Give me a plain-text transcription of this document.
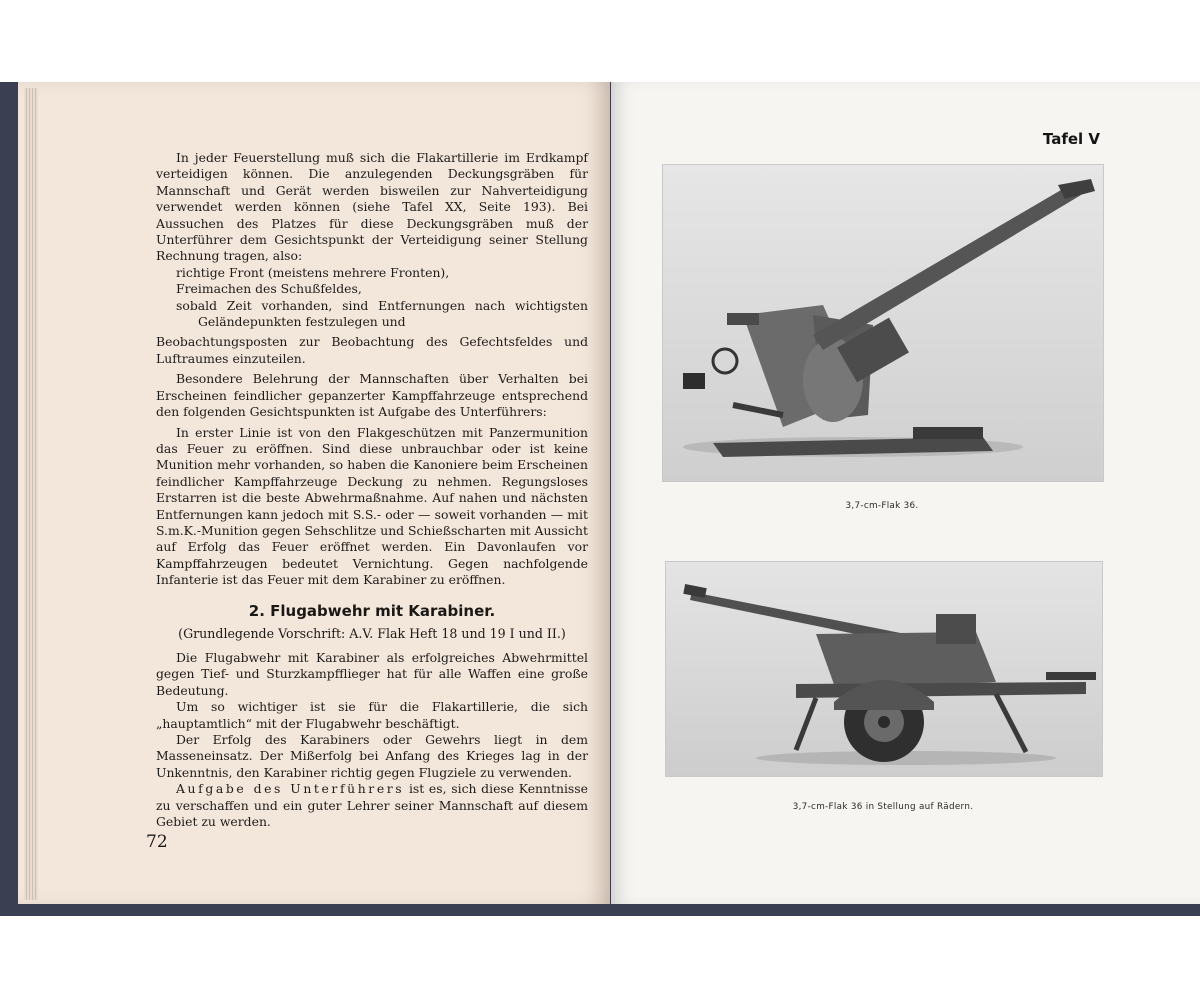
In jeder Feuerstellung muß sich die Flakartillerie im Erdkampf verteidigen können. Die anzulegenden Deckungsgräben für Mannschaft und Gerät werden bisweilen zur Nahverteidigung verwendet werden können (siehe Tafel XX, Seite 193). Bei Aussuchen des Platzes für diese Deckungsgräben muß der Unterführer dem Gesichtspunkt der Verteidigung seiner Stellung Rechnung tragen, also:

richtige Front (meistens mehrere Fronten),

Freimachen des Schußfeldes,

sobald Zeit vorhanden, sind Entfernungen nach wichtigsten Geländepunkten festzulegen und

Beobachtungsposten zur Beobachtung des Gefechtsfeldes und Luftraumes einzuteilen.

Besondere Belehrung der Mannschaften über Verhalten bei Erscheinen feindlicher gepanzerter Kampffahrzeuge entsprechend den folgenden Gesichtspunkten ist Aufgabe des Unterführers:

In erster Linie ist von den Flakgeschützen mit Panzermunition das Feuer zu eröffnen. Sind diese unbrauchbar oder ist keine Munition mehr vorhanden, so haben die Kanoniere beim Erscheinen feindlicher Kampffahrzeuge Deckung zu nehmen. Regungsloses Erstarren ist die beste Abwehrmaßnahme. Auf nahen und nächsten Entfernungen kann jedoch mit S.S.- oder — soweit vorhanden — mit S.m.K.-Munition gegen Sehschlitze und Schießscharten mit Aussicht auf Erfolg das Feuer eröffnet werden. Ein Davonlaufen vor Kampffahrzeugen bedeutet Vernichtung. Gegen nachfolgende Infanterie ist das Feuer mit dem Karabiner zu eröffnen.

2. Flugabwehr mit Karabiner.
(Grundlegende Vorschrift: A.V. Flak Heft 18 und 19 I und II.)

Die Flugabwehr mit Karabiner als erfolgreiches Abwehrmittel gegen Tief- und Sturzkampfflieger hat für alle Waffen eine große Bedeutung.

Um so wichtiger ist sie für die Flakartillerie, die sich „hauptamtlich“ mit der Flugabwehr beschäftigt.

Der Erfolg des Karabiners oder Gewehrs liegt in dem Masseneinsatz. Der Mißerfolg bei Anfang des Krieges lag in der Unkenntnis, den Karabiner richtig gegen Flugziele zu verwenden.

Aufgabe des Unterführers ist es, sich diese Kenntnisse zu verschaffen und ein guter Lehrer seiner Mannschaft auf diesem Gebiet zu werden.

72
Tafel V
3,7-cm-Flak 36.
3,7-cm-Flak 36 in Stellung auf Rädern.
